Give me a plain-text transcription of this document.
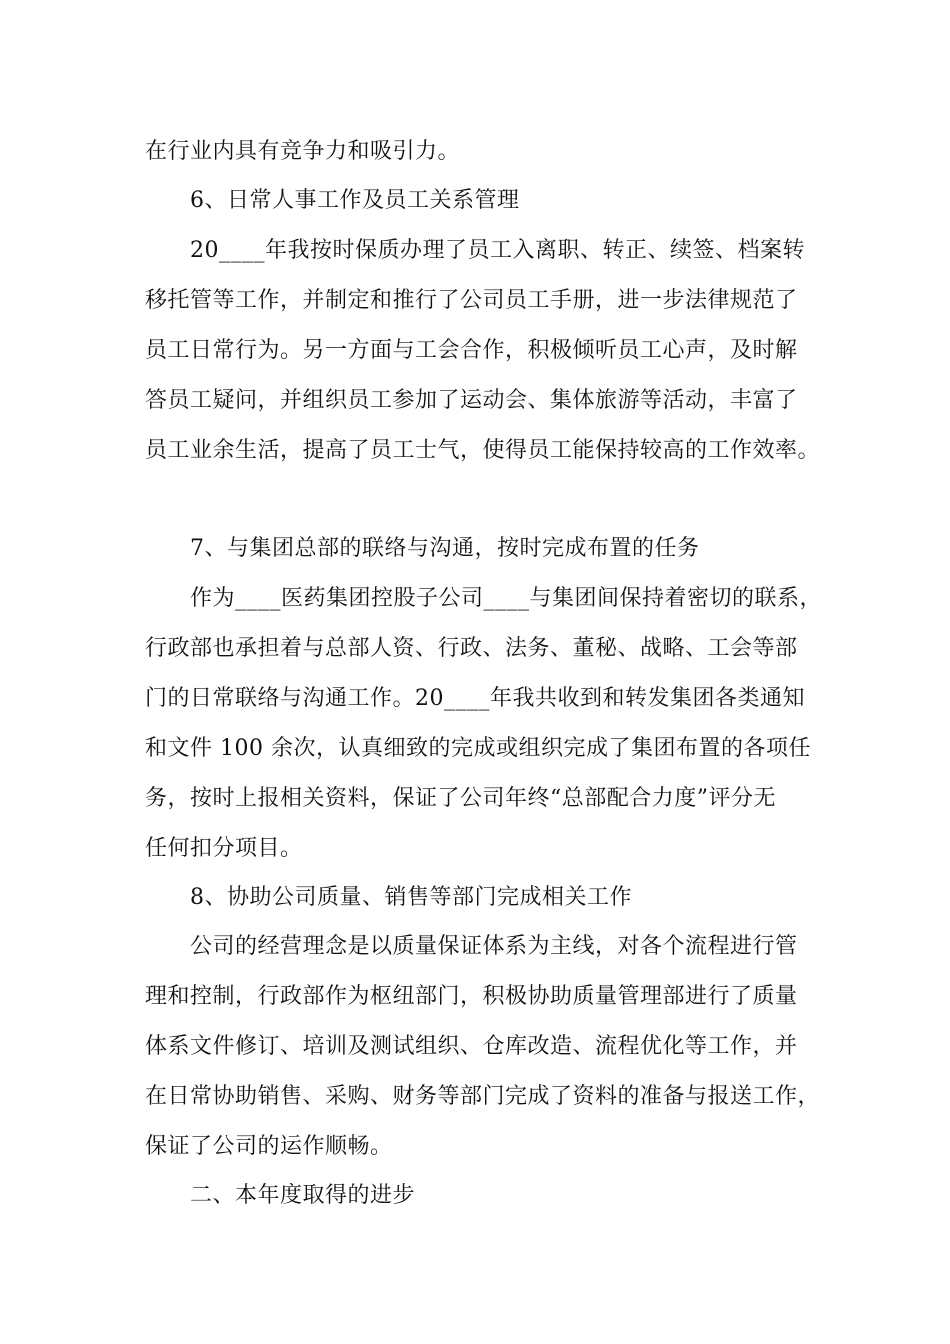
在行业内具有竞争力和吸引力。
6、日常人事工作及员工关系管理
20____年我按时保质办理了员工入离职、转正、续签、档案转
移托管等工作，并制定和推行了公司员工手册，进一步法律规范了
员工日常行为。另一方面与工会合作，积极倾听员工心声，及时解
答员工疑问，并组织员工参加了运动会、集体旅游等活动，丰富了
员工业余生活，提高了员工士气，使得员工能保持较高的工作效率。
7、与集团总部的联络与沟通，按时完成布置的任务
作为____医药集团控股子公司____与集团间保持着密切的联系，
行政部也承担着与总部人资、行政、法务、董秘、战略、工会等部
门的日常联络与沟通工作。20____年我共收到和转发集团各类通知
和文件 100 余次，认真细致的完成或组织完成了集团布置的各项任
务，按时上报相关资料，保证了公司年终“总部配合力度”评分无
任何扣分项目。
8、协助公司质量、销售等部门完成相关工作
公司的经营理念是以质量保证体系为主线，对各个流程进行管
理和控制，行政部作为枢纽部门，积极协助质量管理部进行了质量
体系文件修订、培训及测试组织、仓库改造、流程优化等工作，并
在日常协助销售、采购、财务等部门完成了资料的准备与报送工作，
保证了公司的运作顺畅。
二、本年度取得的进步
